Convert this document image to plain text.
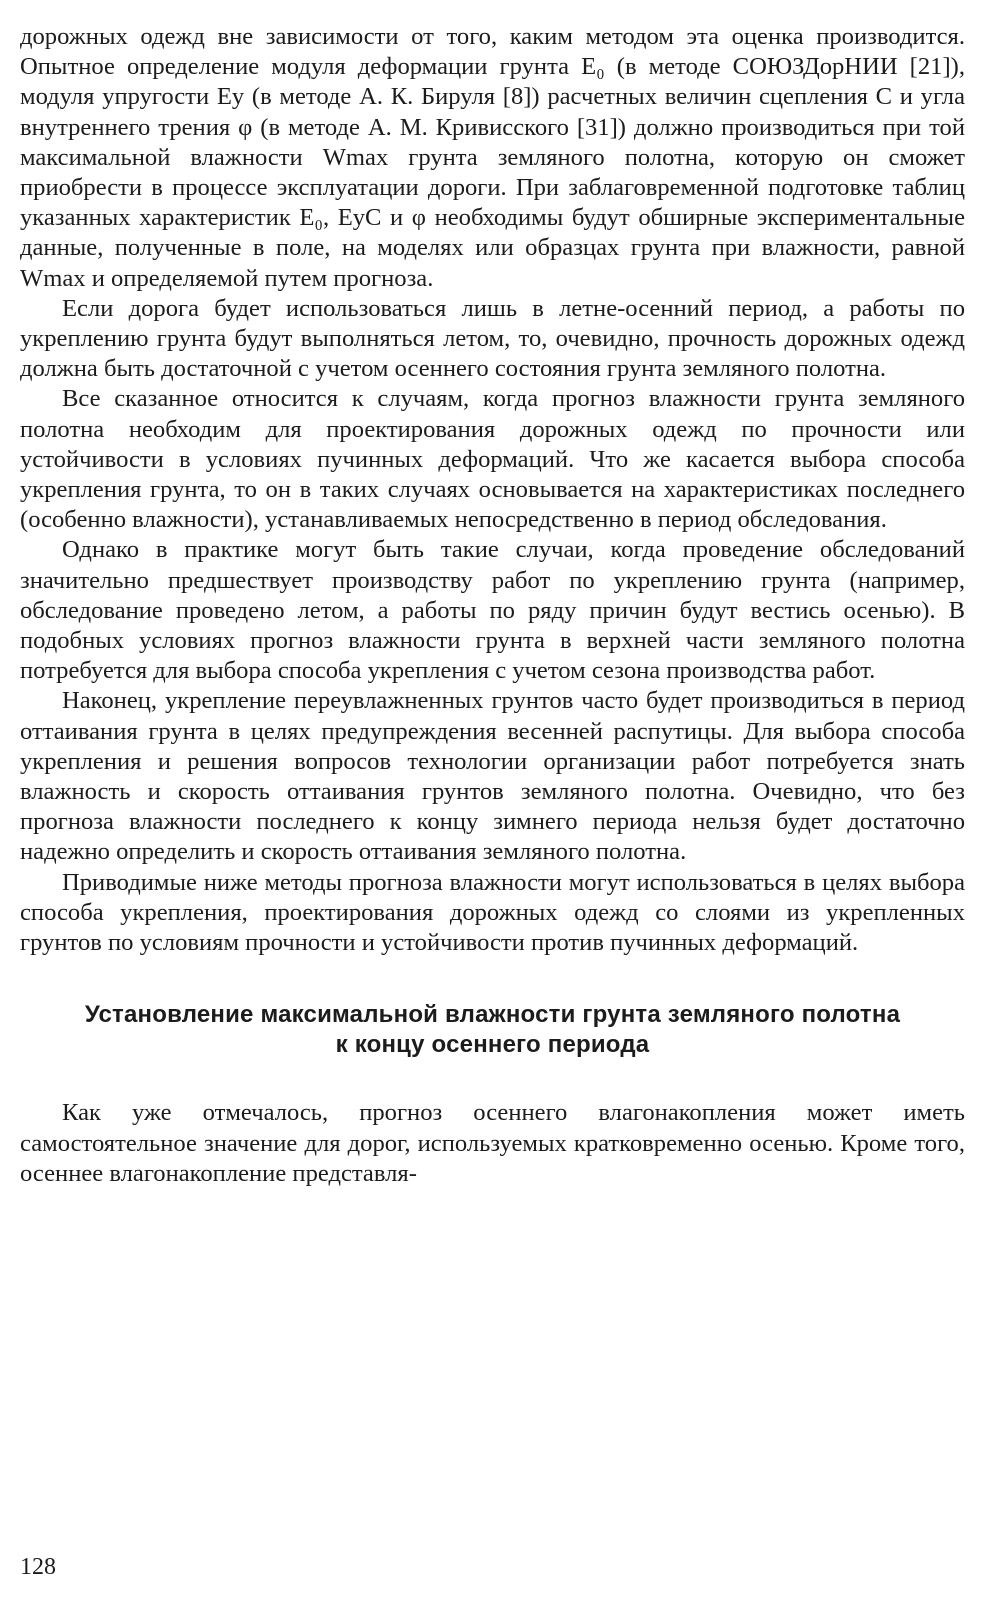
дорожных одежд вне зависимости от того, каким методом эта оценка производится. Опытное определение модуля деформации грунта E₀ (в методе СОЮЗДорНИИ [21]), модуля упругости Eу (в методе А. К. Бируля [8]) расчетных величин сцепления C и угла внутреннего трения φ (в методе А. М. Кривисского [31]) должно производиться при той максимальной влажности Wmax грунта земляного полотна, которую он сможет приобрести в процессе эксплуатации дороги. При заблаговременной подготовке таблиц указанных характеристик E₀, EуC и φ необходимы будут обширные экспериментальные данные, полученные в поле, на моделях или образцах грунта при влажности, равной Wmax и определяемой путем прогноза.

Если дорога будет использоваться лишь в летне-осенний период, а работы по укреплению грунта будут выполняться летом, то, очевидно, прочность дорожных одежд должна быть достаточной с учетом осеннего состояния грунта земляного полотна.

Все сказанное относится к случаям, когда прогноз влажности грунта земляного полотна необходим для проектирования дорожных одежд по прочности или устойчивости в условиях пучинных деформаций. Что же касается выбора способа укрепления грунта, то он в таких случаях основывается на характеристиках последнего (особенно влажности), устанавливаемых непосредственно в период обследования.

Однако в практике могут быть такие случаи, когда проведение обследований значительно предшествует производству работ по укреплению грунта (например, обследование проведено летом, а работы по ряду причин будут вестись осенью). В подобных условиях прогноз влажности грунта в верхней части земляного полотна потребуется для выбора способа укрепления с учетом сезона производства работ.

Наконец, укрепление переувлажненных грунтов часто будет производиться в период оттаивания грунта в целях предупреждения весенней распутицы. Для выбора способа укрепления и решения вопросов технологии организации работ потребуется знать влажность и скорость оттаивания грунтов земляного полотна. Очевидно, что без прогноза влажности последнего к концу зимнего периода нельзя будет достаточно надежно определить и скорость оттаивания земляного полотна.

Приводимые ниже методы прогноза влажности могут использоваться в целях выбора способа укрепления, проектирования дорожных одежд со слоями из укрепленных грунтов по условиям прочности и устойчивости против пучинных деформаций.

Установление максимальной влажности грунта земляного полотна
к концу осеннего периода

Как уже отмечалось, прогноз осеннего влагонакопления может иметь самостоятельное значение для дорог, используемых кратковременно осенью. Кроме того, осеннее влагонакопление представля-

128
